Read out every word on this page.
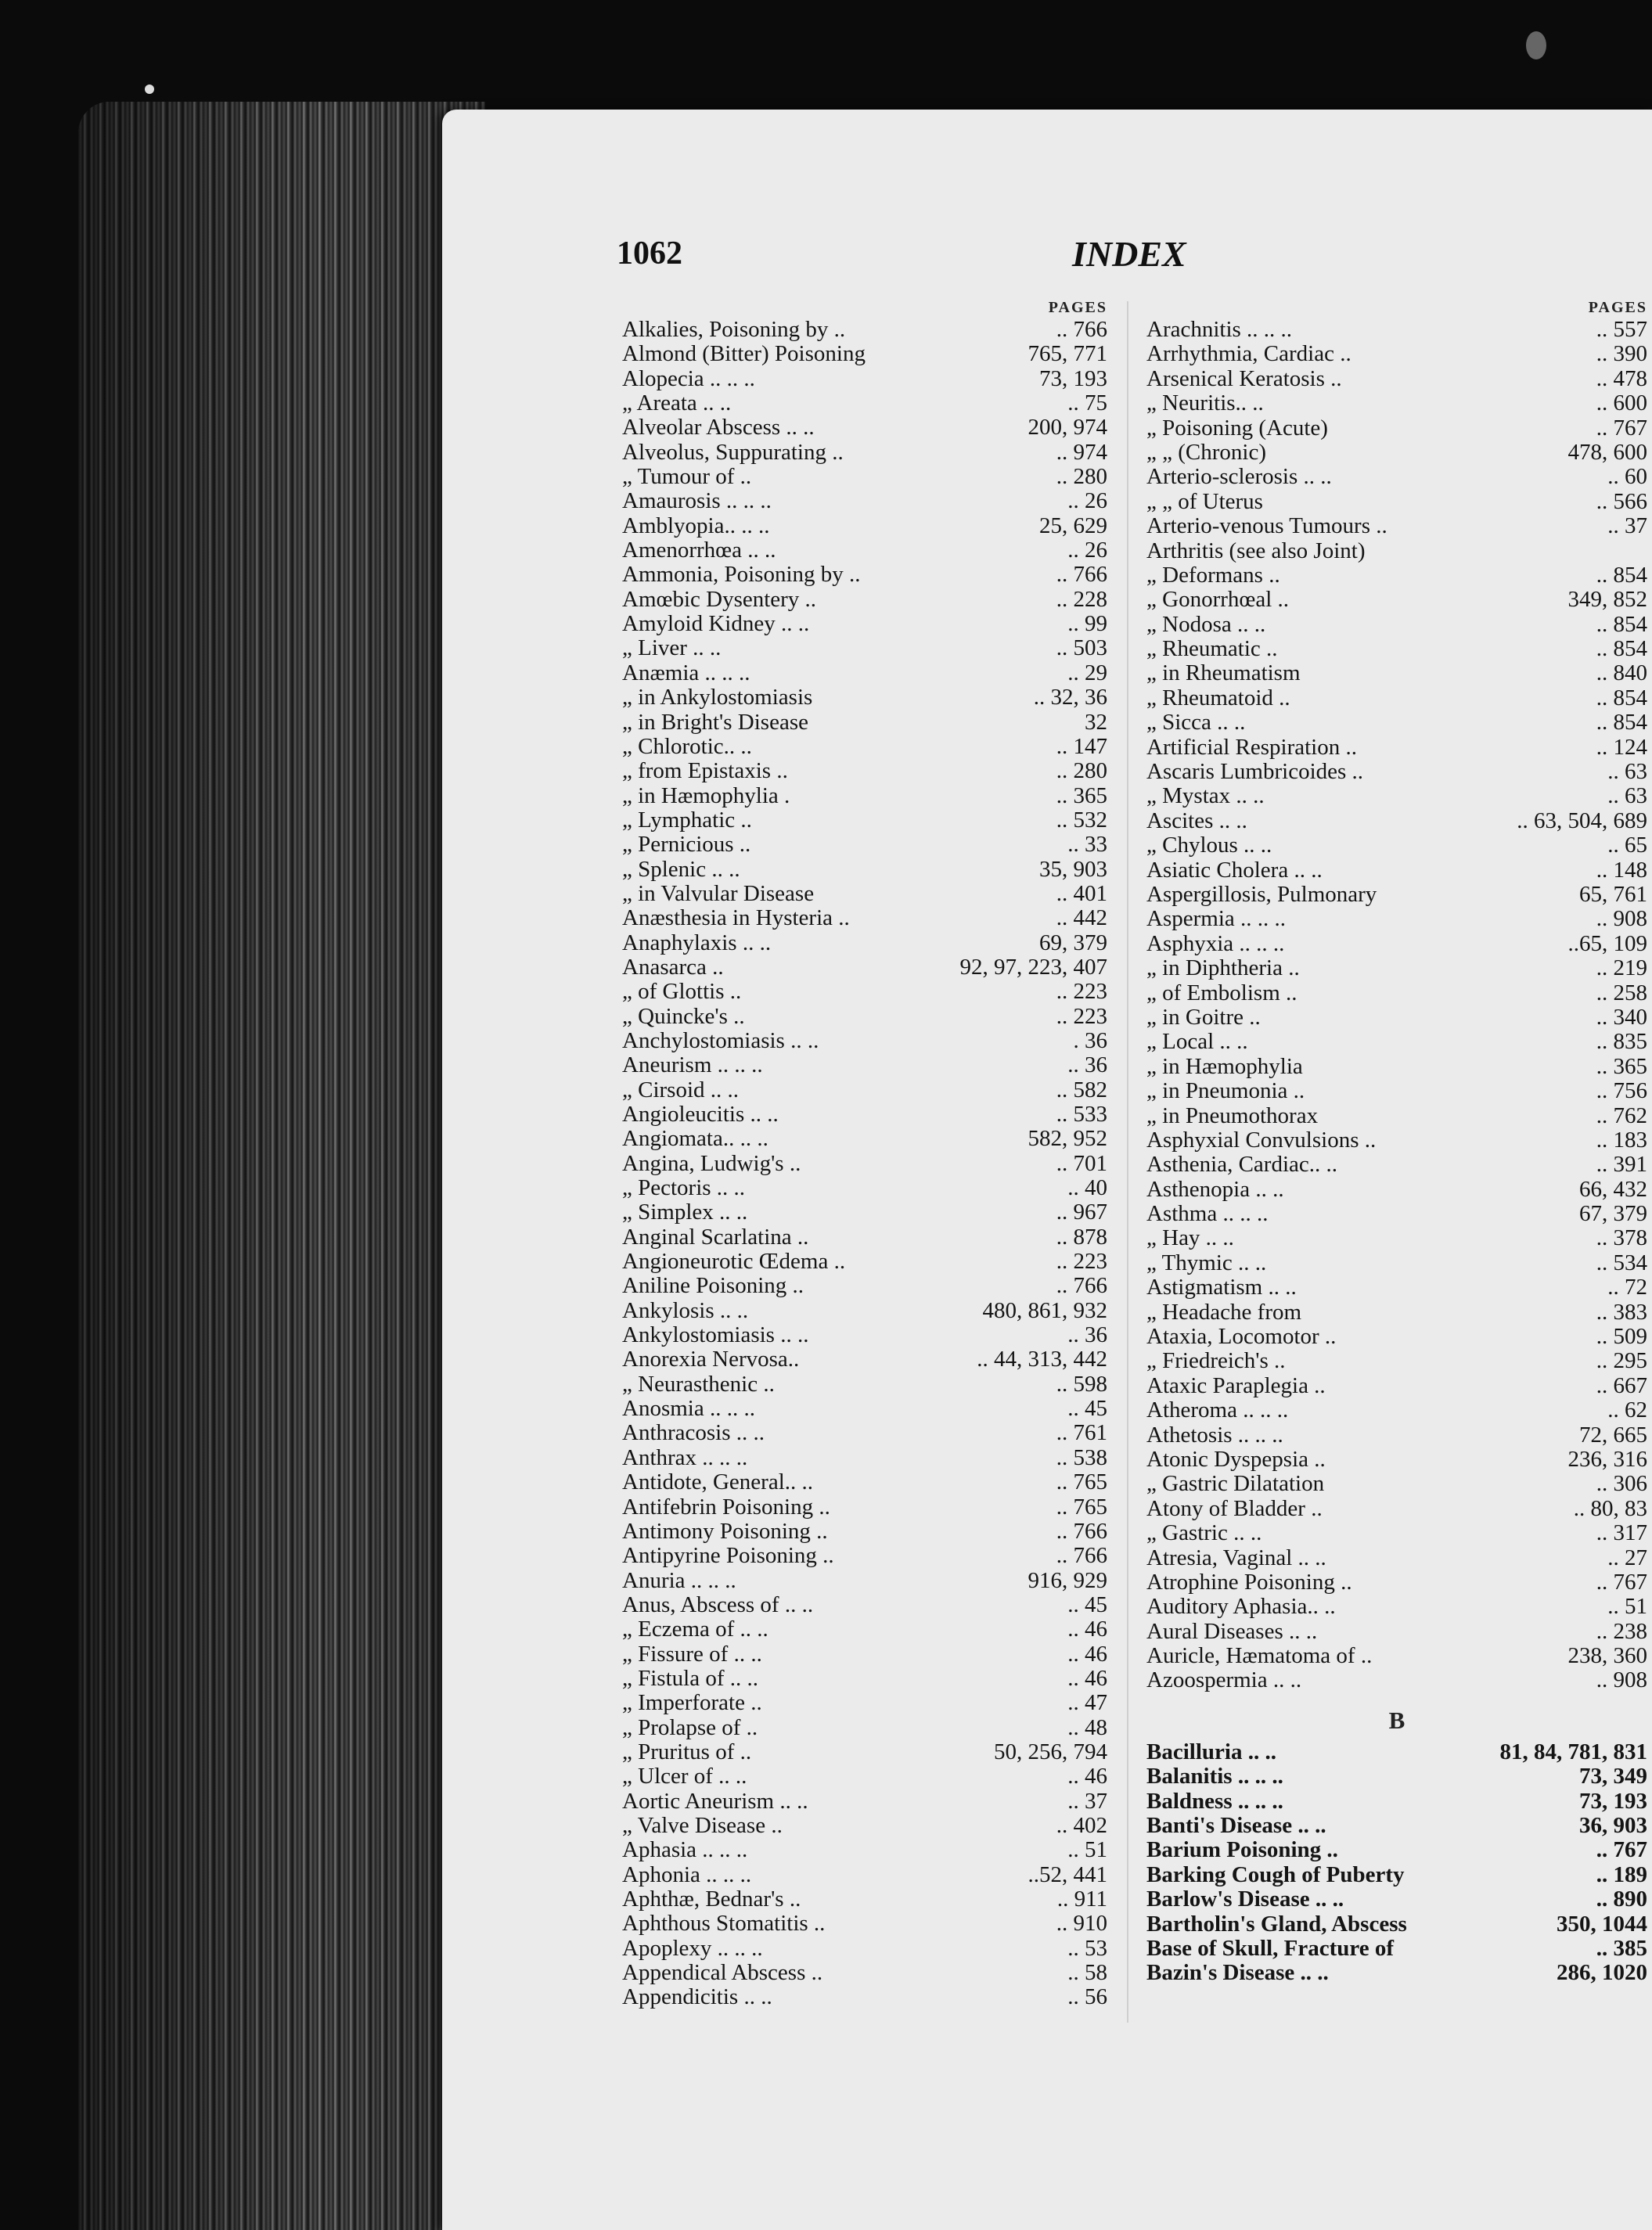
1062	INDEX
PAGES
Alkalies, Poisoning by ..	.. 766
Almond (Bitter) Poisoning	765, 771
Alopecia .. .. ..	73, 193
„ Areata .. ..	.. 75
Alveolar Abscess .. ..	200, 974
Alveolus, Suppurating ..	.. 974
„ Tumour of ..	.. 280
Amaurosis .. .. ..	.. 26
Amblyopia.. .. ..	25, 629
Amenorrhœa .. ..	.. 26
Ammonia, Poisoning by ..	.. 766
Amœbic Dysentery ..	.. 228
Amyloid Kidney .. ..	.. 99
„ Liver .. ..	.. 503
Anæmia .. .. ..	.. 29
„ in Ankylostomiasis	.. 32, 36
„ in Bright's Disease	32
„ Chlorotic.. ..	.. 147
„ from Epistaxis ..	.. 280
„ in Hæmophylia .	.. 365
„ Lymphatic ..	.. 532
„ Pernicious ..	.. 33
„ Splenic .. ..	35, 903
„ in Valvular Disease	.. 401
Anæsthesia in Hysteria ..	.. 442
Anaphylaxis .. ..	69, 379
Anasarca ..	92, 97, 223, 407
„ of Glottis ..	.. 223
„ Quincke's ..	.. 223
Anchylostomiasis .. ..	. 36
Aneurism .. .. ..	.. 36
„ Cirsoid .. ..	.. 582
Angioleucitis .. ..	.. 533
Angiomata.. .. ..	582, 952
Angina, Ludwig's ..	.. 701
„ Pectoris .. ..	.. 40
„ Simplex .. ..	.. 967
Anginal Scarlatina ..	.. 878
Angioneurotic Œdema ..	.. 223
Aniline Poisoning ..	.. 766
Ankylosis .. ..	480, 861, 932
Ankylostomiasis .. ..	.. 36
Anorexia Nervosa..	.. 44, 313, 442
„ Neurasthenic ..	.. 598
Anosmia .. .. ..	.. 45
Anthracosis .. ..	.. 761
Anthrax .. .. ..	.. 538
Antidote, General.. ..	.. 765
Antifebrin Poisoning ..	.. 765
Antimony Poisoning ..	.. 766
Antipyrine Poisoning ..	.. 766
Anuria .. .. ..	916, 929
Anus, Abscess of .. ..	.. 45
„ Eczema of .. ..	.. 46
„ Fissure of .. ..	.. 46
„ Fistula of .. ..	.. 46
„ Imperforate ..	.. 47
„ Prolapse of ..	.. 48
„ Pruritus of ..	50, 256, 794
„ Ulcer of .. ..	.. 46
Aortic Aneurism .. ..	.. 37
„ Valve Disease ..	.. 402
Aphasia .. .. ..	.. 51
Aphonia .. .. ..	..52, 441
Aphthæ, Bednar's ..	.. 911
Aphthous Stomatitis ..	.. 910
Apoplexy .. .. ..	.. 53
Appendical Abscess ..	.. 58
Appendicitis .. ..	.. 56
PAGES
Arachnitis .. .. ..	.. 557
Arrhythmia, Cardiac ..	.. 390
Arsenical Keratosis ..	.. 478
„ Neuritis.. ..	.. 600
„ Poisoning (Acute)	.. 767
„ „ (Chronic)	478, 600
Arterio-sclerosis .. ..	.. 60
„ „ of Uterus	.. 566
Arterio-venous Tumours ..	.. 37
Arthritis (see also Joint)
„ Deformans ..	.. 854
„ Gonorrhœal ..	349, 852
„ Nodosa .. ..	.. 854
„ Rheumatic ..	.. 854
„ in Rheumatism	.. 840
„ Rheumatoid ..	.. 854
„ Sicca .. ..	.. 854
Artificial Respiration ..	.. 124
Ascaris Lumbricoides ..	.. 63
„ Mystax .. ..	.. 63
Ascites .. ..	.. 63, 504, 689
„ Chylous .. ..	.. 65
Asiatic Cholera .. ..	.. 148
Aspergillosis, Pulmonary	65, 761
Aspermia .. .. ..	.. 908
Asphyxia .. .. ..	..65, 109
„ in Diphtheria ..	.. 219
„ of Embolism ..	.. 258
„ in Goitre ..	.. 340
„ Local .. ..	.. 835
„ in Hæmophylia	.. 365
„ in Pneumonia ..	.. 756
„ in Pneumothorax	.. 762
Asphyxial Convulsions ..	.. 183
Asthenia, Cardiac.. ..	.. 391
Asthenopia .. ..	66, 432
Asthma .. .. ..	67, 379
„ Hay .. ..	.. 378
„ Thymic .. ..	.. 534
Astigmatism .. ..	.. 72
„ Headache from	.. 383
Ataxia, Locomotor ..	.. 509
„ Friedreich's ..	.. 295
Ataxic Paraplegia ..	.. 667
Atheroma .. .. ..	.. 62
Athetosis .. .. ..	72, 665
Atonic Dyspepsia ..	236, 316
„ Gastric Dilatation	.. 306
Atony of Bladder ..	.. 80, 83
„ Gastric .. ..	.. 317
Atresia, Vaginal .. ..	.. 27
Atrophine Poisoning ..	.. 767
Auditory Aphasia.. ..	.. 51
Aural Diseases .. ..	.. 238
Auricle, Hæmatoma of ..	238, 360
Azoospermia .. ..	.. 908
B
Bacilluria .. ..	81, 84, 781, 831
Balanitis .. .. ..	73, 349
Baldness .. .. ..	73, 193
Banti's Disease .. ..	36, 903
Barium Poisoning ..	.. 767
Barking Cough of Puberty	.. 189
Barlow's Disease .. ..	.. 890
Bartholin's Gland, Abscess	350, 1044
Base of Skull, Fracture of	.. 385
Bazin's Disease .. ..	286, 1020
